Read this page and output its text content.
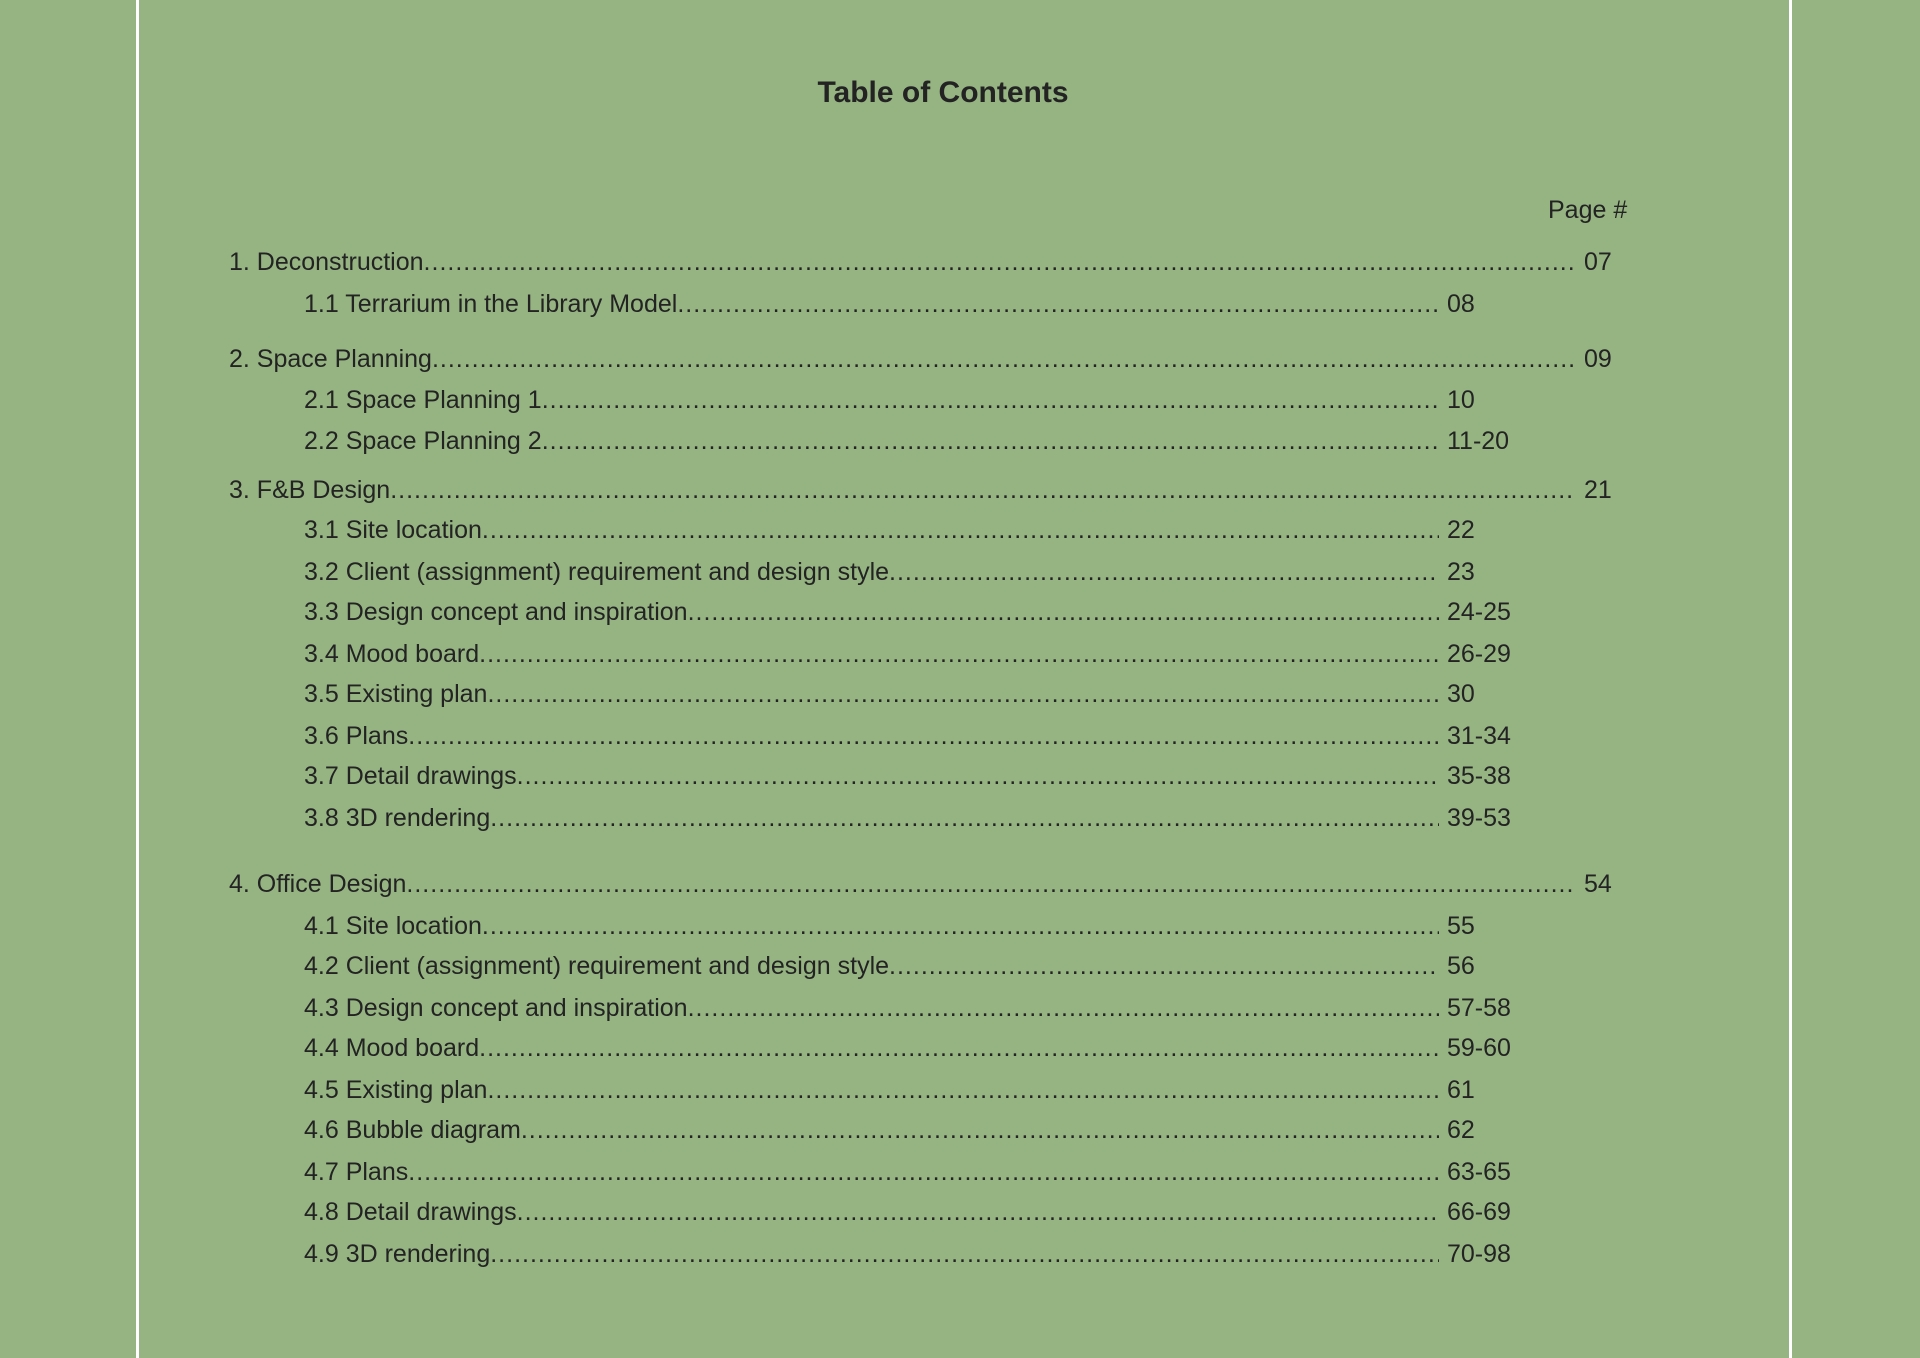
Table of Contents
Page #
1. Deconstruction .....	07
1.1 Terrarium in the Library Model .....	08
2. Space Planning .....	09
2.1 Space Planning 1 .....	10
2.2 Space Planning 2 .....	11-20
3. F&B Design .....	21
3.1 Site location .....	22
3.2 Client (assignment) requirement and design style .....	23
3.3 Design concept and inspiration .....	24-25
3.4 Mood board .....	26-29
3.5 Existing plan .....	30
3.6 Plans .....	31-34
3.7 Detail drawings .....	35-38
3.8 3D rendering .....	39-53
4. Office Design .....	54
4.1 Site location .....	55
4.2 Client (assignment) requirement and design style .....	56
4.3 Design concept and inspiration .....	57-58
4.4 Mood board .....	59-60
4.5 Existing plan .....	61
4.6 Bubble diagram .....	62
4.7 Plans .....	63-65
4.8 Detail drawings .....	66-69
4.9 3D rendering .....	70-98
